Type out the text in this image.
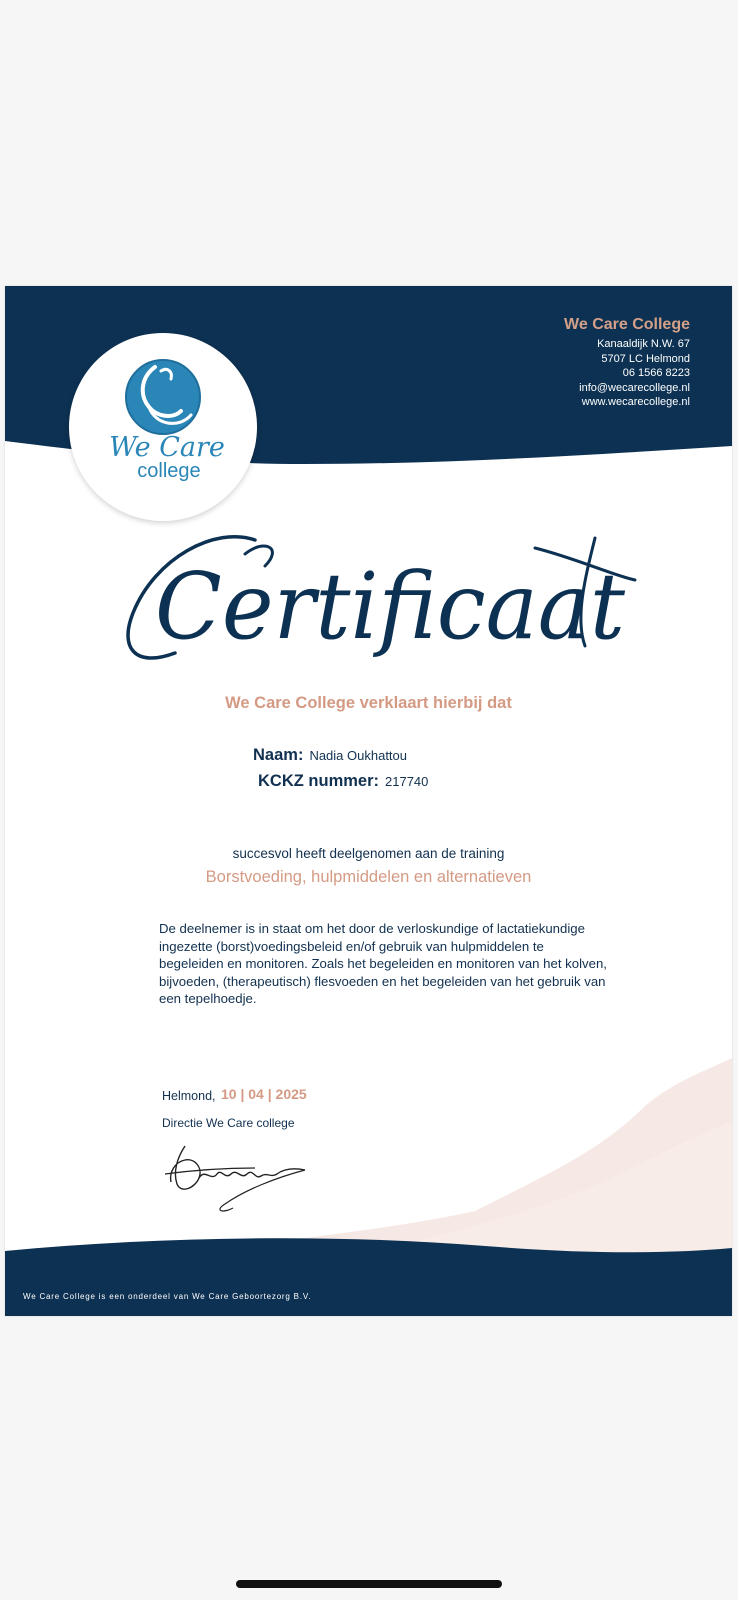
We Care
college
We Care College
Kanaaldijk N.W. 67
5707 LC Helmond
06 1566 8223
info@wecarecollege.nl
www.wecarecollege.nl
Certificaat
We Care College verklaart hierbij dat
Naam: Nadia Oukhattou
KCKZ nummer: 217740
succesvol heeft deelgenomen aan de training
Borstvoeding, hulpmiddelen en alternatieven
De deelnemer is in staat om het door de verloskundige of lactatiekundige ingezette (borst)voedingsbeleid en/of gebruik van hulpmiddelen te begeleiden en monitoren. Zoals het begeleiden en monitoren van het kolven, bijvoeden, (therapeutisch) flesvoeden en het begeleiden van het gebruik van een tepelhoedje.
Helmond, 10 | 04 | 2025
Directie We Care college
We Care College is een onderdeel van We Care Geboortezorg B.V.
